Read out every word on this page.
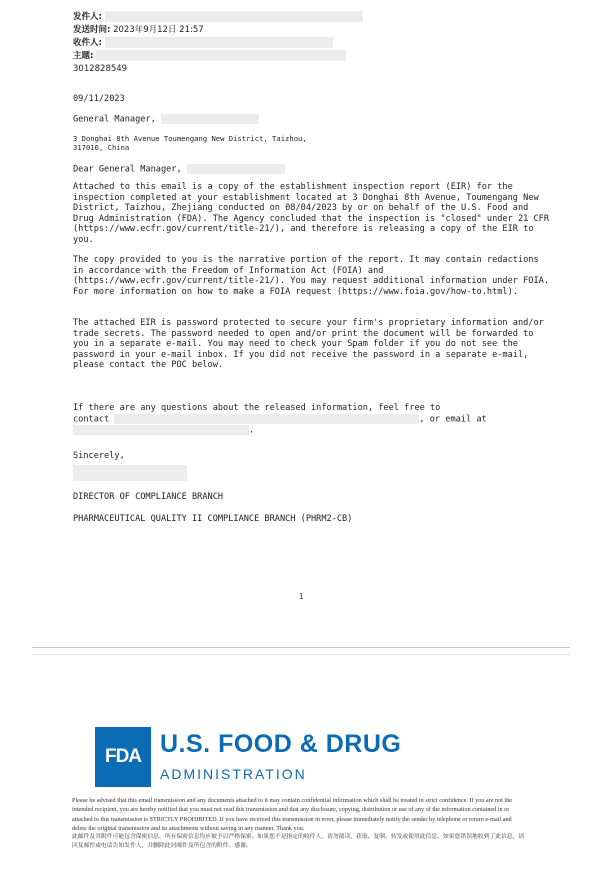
发件人:
发送时间: 2023年9月12日 21:57
收件人:
主题:
3012828549
09/11/2023
General Manager,
3 Donghai 8th Avenue Toumengang New District, Taizhou,
317016, China
Dear General Manager,
Attached to this email is a copy of the establishment inspection report (EIR) for the inspection completed at your establishment located at 3 Donghai 8th Avenue, Toumengang New District, Taizhou, Zhejiang conducted on 08/04/2023 by or on behalf of the U.S. Food and Drug Administration (FDA). The Agency concluded that the inspection is "closed" under 21 CFR (https://www.ecfr.gov/current/title-21/), and therefore is releasing a copy of the EIR to you.
The copy provided to you is the narrative portion of the report. It may contain redactions in accordance with the Freedom of Information Act (FOIA) and (https://www.ecfr.gov/current/title-21/). You may request additional information under FOIA. For more information on how to make a FOIA request (https://www.foia.gov/how-to.html).
The attached EIR is password protected to secure your firm's proprietary information and/or trade secrets. The password needed to open and/or print the document will be forwarded to you in a separate e-mail. You may need to check your Spam folder if you do not see the password in your e-mail inbox. If you did not receive the password in a separate e-mail, please contact the POC below.
If there are any questions about the released information, feel free to
contact	, or email at
.
Sincerely,
DIRECTOR OF COMPLIANCE BRANCH
PHARMACEUTICAL QUALITY II COMPLIANCE BRANCH (PHRM2-CB)
1
FDA U.S. FOOD & DRUG
ADMINISTRATION
Please be advised that this email transmission and any documents attached to it may contain confidential information which shall be treated in strict confidence. If you are not the intended recipient, you are hereby notified that you must not read this transmission and that any disclosure, copying, distribution or use of any of the information contained in or attached to this transmission is STRICTLY PROHIBITED. If you have received this transmission in error, please immediately notify the sender by telephone or return e-mail and delete the original transmission and its attachments without saving in any manner. Thank you.
此邮件及其附件可能包含保密信息，所有保密信息均应被予以严格保密。如果您不是指定的收件人，请勿阅读、获取、复制、转发或使用此信息。如果您错误地收到了此信息，请回复邮件或电话告知发件人，并删除此封邮件及所包含的附件。感谢。
